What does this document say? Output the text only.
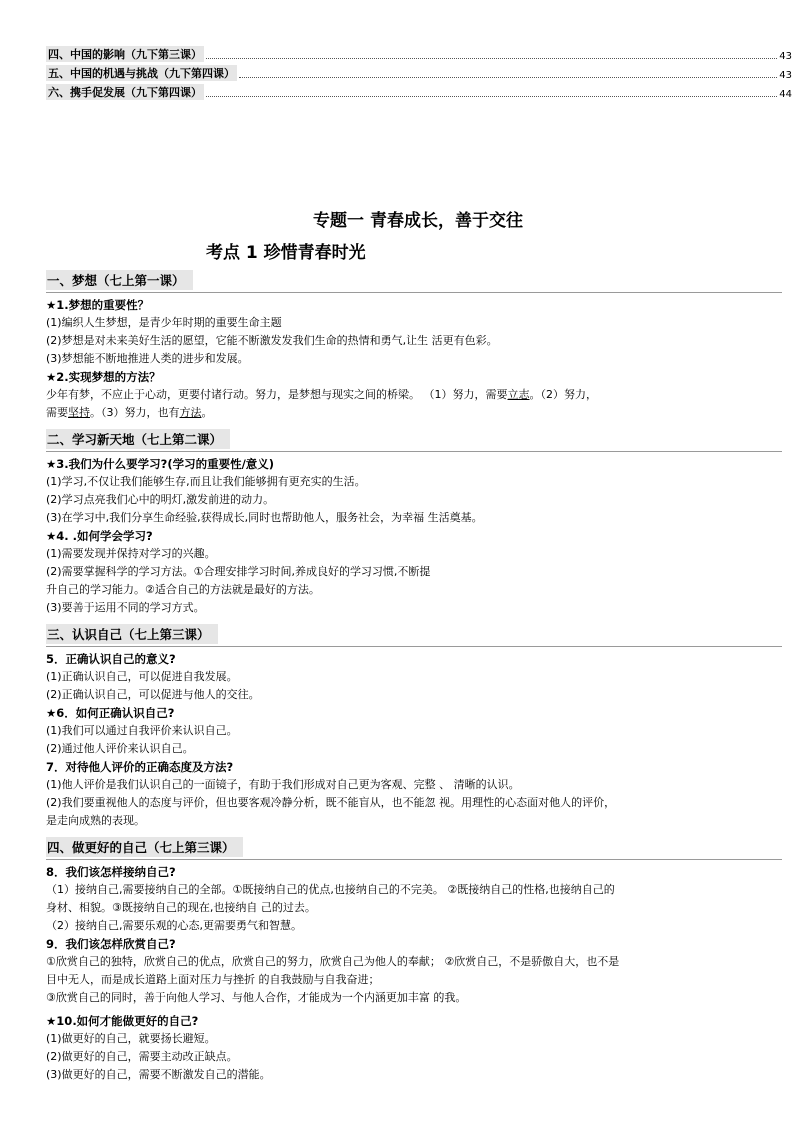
四、中国的影响（九下第三课）	43
五、中国的机遇与挑战（九下第四课）	43
六、携手促发展（九下第四课）	44
专题一 青春成长，善于交往
考点 1 珍惜青春时光
一、梦想（七上第一课）
★1.梦想的重要性？
(1)编织人生梦想，是青少年时期的重要生命主题
(2)梦想是对未来美好生活的愿望，它能不断激发发我们生命的热情和勇气,让生 活更有色彩。
(3)梦想能不断地推进人类的进步和发展。
★2.实现梦想的方法？
少年有梦，不应止于心动，更要付诸行动。努力，是梦想与现实之间的桥梁。 （1）努力，需要立志。（2）努力，
需要坚持。（3）努力，也有方法。
二、学习新天地（七上第二课）
★3.我们为什么要学习?(学习的重要性/意义)
(1)学习,不仅让我们能够生存,而且让我们能够拥有更充实的生活。
(2)学习点亮我们心中的明灯,激发前进的动力。
(3)在学习中,我们分享生命经验,获得成长,同时也帮助他人，服务社会，为幸福 生活奠基。
★4. .如何学会学习?
(1)需要发现并保持对学习的兴趣。
(2)需要掌握科学的学习方法。①合理安排学习时间,养成良好的学习习惯,不断提
升自己的学习能力。②适合自己的方法就是最好的方法。
(3)要善于运用不同的学习方式。
三、认识自己（七上第三课）
5．正确认识自己的意义?
(1)正确认识自己，可以促进自我发展。
(2)正确认识自己，可以促进与他人的交往。
★6．如何正确认识自己?
(1)我们可以通过自我评价来认识自己。
(2)通过他人评价来认识自己。
7．对待他人评价的正确态度及方法?
(1)他人评价是我们认识自己的一面镜子，有助于我们形成对自己更为客观、完整 、 清晰的认识。
(2)我们要重视他人的态度与评价，但也要客观冷静分析，既不能盲从，也不能忽 视。用理性的心态面对他人的评价，
是走向成熟的表现。
四、做更好的自己（七上第三课）
8．我们该怎样接纳自己?
（1）接纳自己,需要接纳自己的全部。①既接纳自己的优点,也接纳自己的不完美。 ②既接纳自己的性格,也接纳自己的
身材、相貌。③既接纳自己的现在,也接纳自 己的过去。
（2）接纳自己,需要乐观的心态,更需要勇气和智慧。
9．我们该怎样欣赏自己?
①欣赏自己的独特，欣赏自己的优点，欣赏自己的努力，欣赏自己为他人的奉献； ②欣赏自己，不是骄傲自大，也不是
目中无人，而是成长道路上面对压力与挫折 的自我鼓励与自我奋进；
③欣赏自己的同时，善于向他人学习、与他人合作，才能成为一个内涵更加丰富 的我。
★10.如何才能做更好的自己?
(1)做更好的自己，就要扬长避短。
(2)做更好的自己，需要主动改正缺点。
(3)做更好的自己，需要不断激发自己的潜能。
